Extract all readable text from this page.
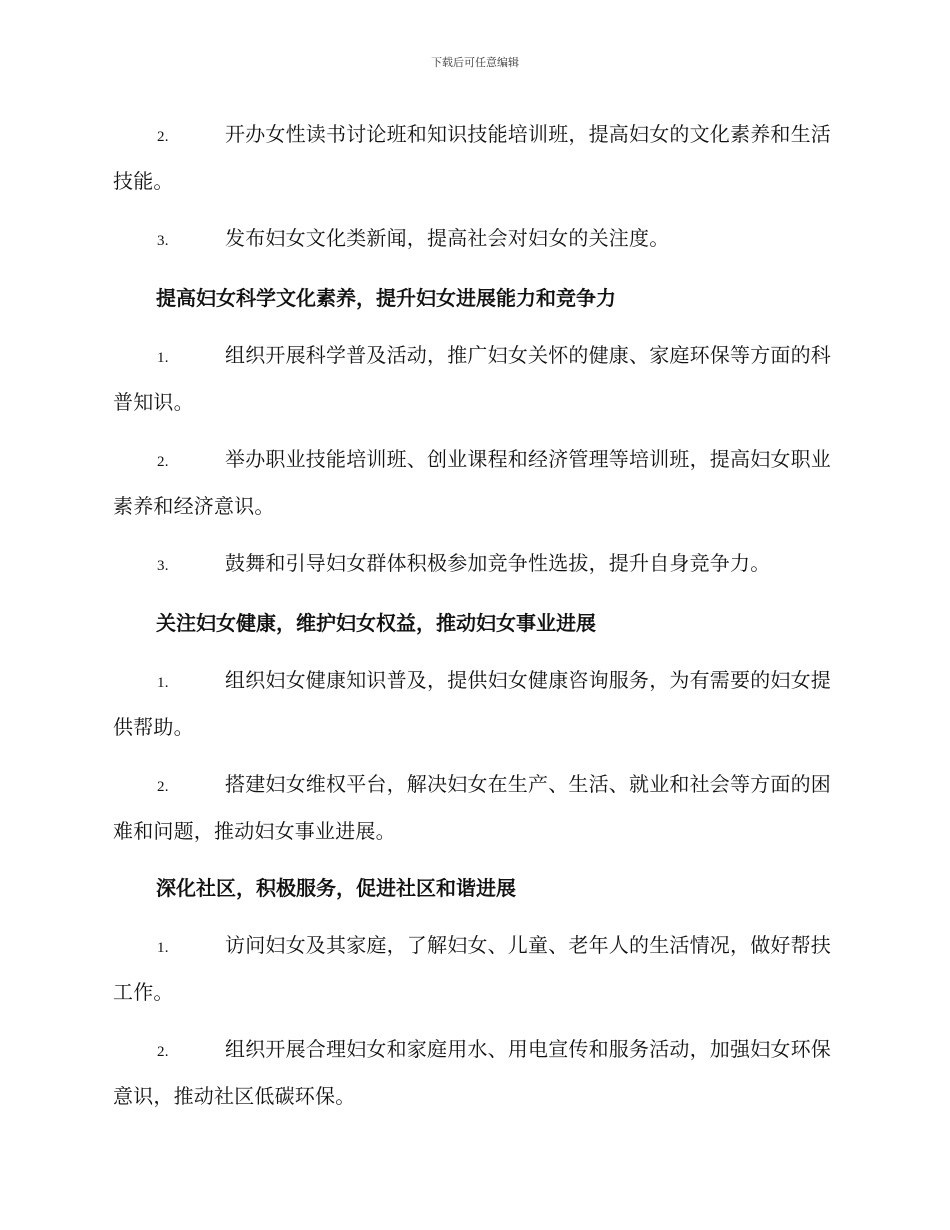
下载后可任意编辑
2.	开办女性读书讨论班和知识技能培训班，提高妇女的文化素养和生活技能。
3.	发布妇女文化类新闻，提高社会对妇女的关注度。
提高妇女科学文化素养，提升妇女进展能力和竞争力
1.	组织开展科学普及活动，推广妇女关怀的健康、家庭环保等方面的科普知识。
2.	举办职业技能培训班、创业课程和经济管理等培训班，提高妇女职业素养和经济意识。
3.	鼓舞和引导妇女群体积极参加竞争性选拔，提升自身竞争力。
关注妇女健康，维护妇女权益，推动妇女事业进展
1.	组织妇女健康知识普及，提供妇女健康咨询服务，为有需要的妇女提供帮助。
2.	搭建妇女维权平台，解决妇女在生产、生活、就业和社会等方面的困难和问题，推动妇女事业进展。
深化社区，积极服务，促进社区和谐进展
1.	访问妇女及其家庭，了解妇女、儿童、老年人的生活情况，做好帮扶工作。
2.	组织开展合理妇女和家庭用水、用电宣传和服务活动，加强妇女环保意识，推动社区低碳环保。
